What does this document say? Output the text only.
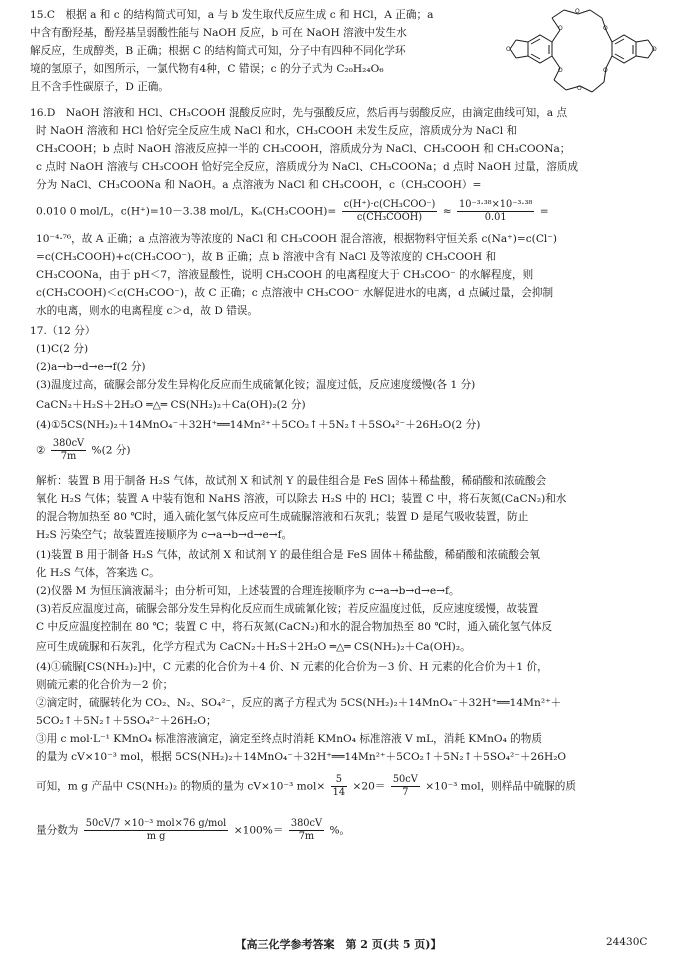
15.C　根据 a 和 c 的结构简式可知，a 与 b 发生取代反应生成 c 和 HCl，A 正确；a
中含有酚羟基，酚羟基呈弱酸性能与 NaOH 反应，b 可在 NaOH 溶液中发生水
解反应，生成醇类，B 正确；根据 C 的结构简式可知，分子中有四种不同化学环
境的氢原子，如图所示，一氯代物有4种，C 错误；c 的分子式为 C₂₀H₂₄O₆
且不含手性碳原子，D 正确。
O	O
O	O
O	O
O
O
16.D　NaOH 溶液和 HCl、CH₃COOH 混酸反应时，先与强酸反应，然后再与弱酸反应，由滴定曲线可知，a 点
时 NaOH 溶液和 HCl 恰好完全反应生成 NaCl 和水，CH₃COOH 未发生反应，溶质成分为 NaCl 和
CH₃COOH；b 点时 NaOH 溶液反应掉一半的 CH₃COOH，溶质成分为 NaCl、CH₃COOH 和 CH₃COONa；
c 点时 NaOH 溶液与 CH₃COOH 恰好完全反应，溶质成分为 NaCl、CH₃COONa；d 点时 NaOH 过量，溶质成
分为 NaCl、CH₃COONa 和 NaOH。a 点溶液为 NaCl 和 CH₃COOH，c（CH₃COOH）=
0.010 0 mol/L，c(H⁺)=10－3.38 mol/L，Kₐ(CH₃COOH)= $\frac{\text{c(H⁺)·c(CH₃COO⁻)}}{\text{c(CH₃COOH)}} \approx \frac{\text{10⁻³·³⁸×10⁻³·³⁸}}{0.01}$ =
10⁻⁴·⁷⁶，故 A 正确；a 点溶液为等浓度的 NaCl 和 CH₃COOH 混合溶液，根据物料守恒关系 c(Na⁺)=c(Cl⁻)
=c(CH₃COOH)+c(CH₃COO⁻)，故 B 正确；点 b 溶液中含有 NaCl 及等浓度的 CH₃COOH 和
CH₃COONa，由于 pH＜7，溶液显酸性，说明 CH₃COOH 的电离程度大于 CH₃COO⁻ 的水解程度，则
c(CH₃COOH)＜c(CH₃COO⁻)，故 C 正确；c 点溶液中 CH₃COO⁻ 水解促进水的电离，d 点碱过量，会抑制
水的电离，则水的电离程度 c＞d，故 D 错误。
17.（12 分）
(1)C(2 分)
(2)a→b→d→e→f(2 分)
(3)温度过高，硫脲会部分发生异构化反应而生成硫氰化铵；温度过低，反应速度缓慢(各 1 分)
CaCN₂＋H₂S＋2H₂O ═△═ CS(NH₂)₂＋Ca(OH)₂(2 分)
(4)①5CS(NH₂)₂＋14MnO₄⁻＋32H⁺══14Mn²⁺＋5CO₂↑＋5N₂↑＋5SO₄²⁻＋26H₂O(2 分)
② $\frac{380cV}{7m} \%(2$ 分)
解析：装置 B 用于制备 H₂S 气体，故试剂 X 和试剂 Y 的最佳组合是 FeS 固体＋稀盐酸，稀硝酸和浓硫酸会
氧化 H₂S 气体；装置 A 中装有饱和 NaHS 溶液，可以除去 H₂S 中的 HCl；装置 C 中，将石灰氮(CaCN₂)和水
的混合物加热至 80 ℃时，通入硫化氢气体反应可生成硫脲溶液和石灰乳；装置 D 是尾气吸收装置，防止
H₂S 污染空气；故装置连接顺序为 c→a→b→d→e→f。
(1)装置 B 用于制备 H₂S 气体，故试剂 X 和试剂 Y 的最佳组合是 FeS 固体＋稀盐酸，稀硝酸和浓硫酸会氧
化 H₂S 气体，答案选 C。
(2)仪器 M 为恒压滴液漏斗；由分析可知，上述装置的合理连接顺序为 c→a→b→d→e→f。
(3)若反应温度过高，硫脲会部分发生异构化反应而生成硫氰化铵；若反应温度过低，反应速度缓慢，故装置
C 中反应温度控制在 80 ℃；装置 C 中，将石灰氮(CaCN₂)和水的混合物加热至 80 ℃时，通入硫化氢气体反
应可生成硫脲和石灰乳，化学方程式为 CaCN₂＋H₂S＋2H₂O ═△═ CS(NH₂)₂＋Ca(OH)₂。
(4)①硫脲[CS(NH₂)₂]中，C 元素的化合价为＋4 价、N 元素的化合价为－3 价、H 元素的化合价为＋1 价，
则硫元素的化合价为－2 价；
②滴定时，硫脲转化为 CO₂、N₂、SO₄²⁻，反应的离子方程式为 5CS(NH₂)₂＋14MnO₄⁻＋32H⁺══14Mn²⁺＋
5CO₂↑＋5N₂↑＋5SO₄²⁻＋26H₂O；
③用 c mol·L⁻¹ KMnO₄ 标准溶液滴定，滴定至终点时消耗 KMnO₄ 标准溶液 V mL，消耗 KMnO₄ 的物质
的量为 cV×10⁻³ mol，根据 5CS(NH₂)₂＋14MnO₄⁻＋32H⁺══14Mn²⁺＋5CO₂↑＋5N₂↑＋5SO₄²⁻＋26H₂O
可知，m g 产品中 CS(NH₂)₂ 的物质的量为 cV×10⁻³ $mol\times \frac{5}{14} \times 20= \frac{50cV}{7} \times 10^{-3}$ mol，则样品中硫脲的质
量分数为 $\frac{\text{50cV/7 ×10⁻³ mol×76 g/mol}}{\text{m g}} \times 100\%= \frac{380cV}{7m}$ %。
【高三化学参考答案　第 2 页(共 5 页)】	24430C
